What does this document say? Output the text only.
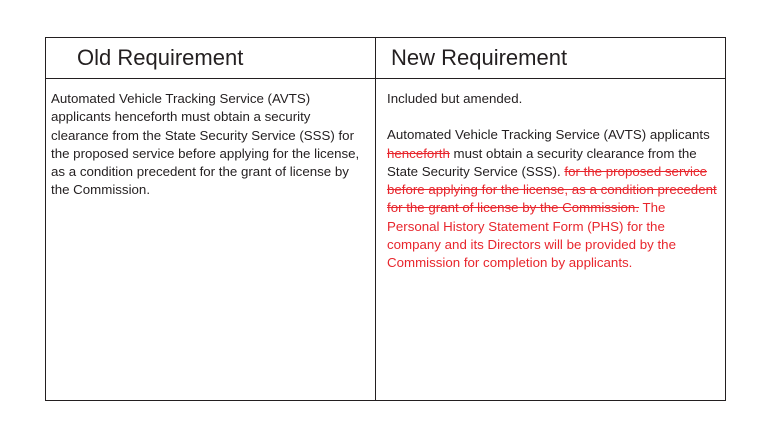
Old Requirement	New Requirement

Automated Vehicle Tracking Service (AVTS) applicants henceforth must obtain a security clearance from the State Security Service (SSS) for the proposed service before applying for the license, as a condition precedent for the grant of license by the Commission.

Included but amended.

Automated Vehicle Tracking Service (AVTS) applicants henceforth must obtain a security clearance from the State Security Service (SSS). for the proposed service before applying for the license, as a condition precedent for the grant of license by the Commission. The Personal History Statement Form (PHS) for the company and its Directors will be provided by the Commission for completion by applicants.
